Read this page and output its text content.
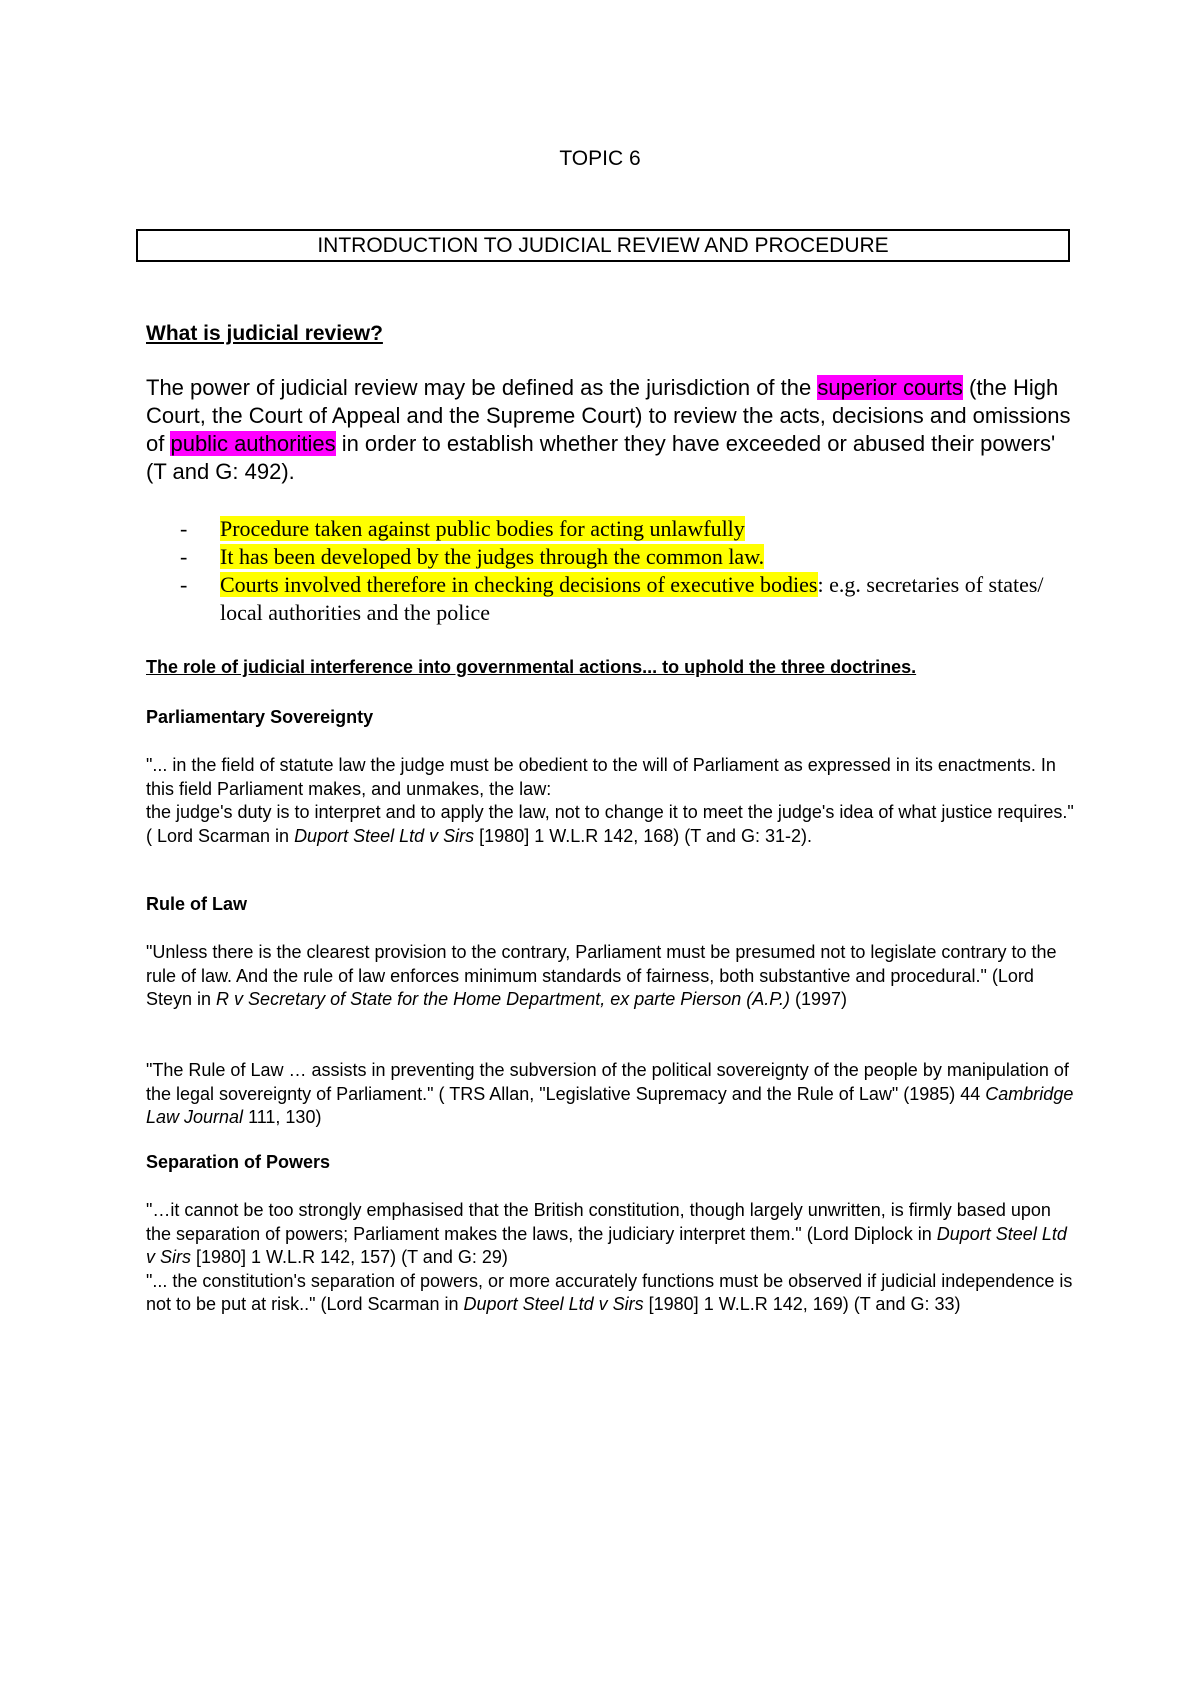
TOPIC 6
INTRODUCTION TO JUDICIAL REVIEW AND PROCEDURE
What is judicial review?
The power of judicial review may be defined as the jurisdiction of the superior courts (the High Court, the Court of Appeal and the Supreme Court) to review the acts, decisions and omissions of public authorities in order to establish whether they have exceeded or abused their powers' (T and G: 492).
- Procedure taken against public bodies for acting unlawfully
- It has been developed by the judges through the common law.
- Courts involved therefore in checking decisions of executive bodies: e.g. secretaries of states/ local authorities and the police
The role of judicial interference into governmental actions... to uphold the three doctrines.
Parliamentary Sovereignty

"... in the field of statute law the judge must be obedient to the will of Parliament as expressed in its enactments. In this field Parliament makes, and unmakes, the law:

the judge's duty is to interpret and to apply the law, not to change it to meet the judge's idea of what justice requires." ( Lord Scarman in Duport Steel Ltd v Sirs [1980] 1 W.L.R 142, 168) (T and G: 31-2).

Rule of Law

"Unless there is the clearest provision to the contrary, Parliament must be presumed not to legislate contrary to the rule of law. And the rule of law enforces minimum standards of fairness, both substantive and procedural." (Lord Steyn in R v Secretary of State for the Home Department, ex parte Pierson (A.P.) (1997)

"The Rule of Law … assists in preventing the subversion of the political sovereignty of the people by manipulation of the legal sovereignty of Parliament." ( TRS Allan, "Legislative Supremacy and the Rule of Law" (1985) 44 Cambridge Law Journal 111, 130)

Separation of Powers

"…it cannot be too strongly emphasised that the British constitution, though largely unwritten, is firmly based upon the separation of powers; Parliament makes the laws, the judiciary interpret them." (Lord Diplock in Duport Steel Ltd v Sirs [1980] 1 W.L.R 142, 157) (T and G: 29)

"... the constitution's separation of powers, or more accurately functions must be observed if judicial independence is not to be put at risk.." (Lord Scarman in Duport Steel Ltd v Sirs [1980] 1 W.L.R 142, 169) (T and G: 33)
